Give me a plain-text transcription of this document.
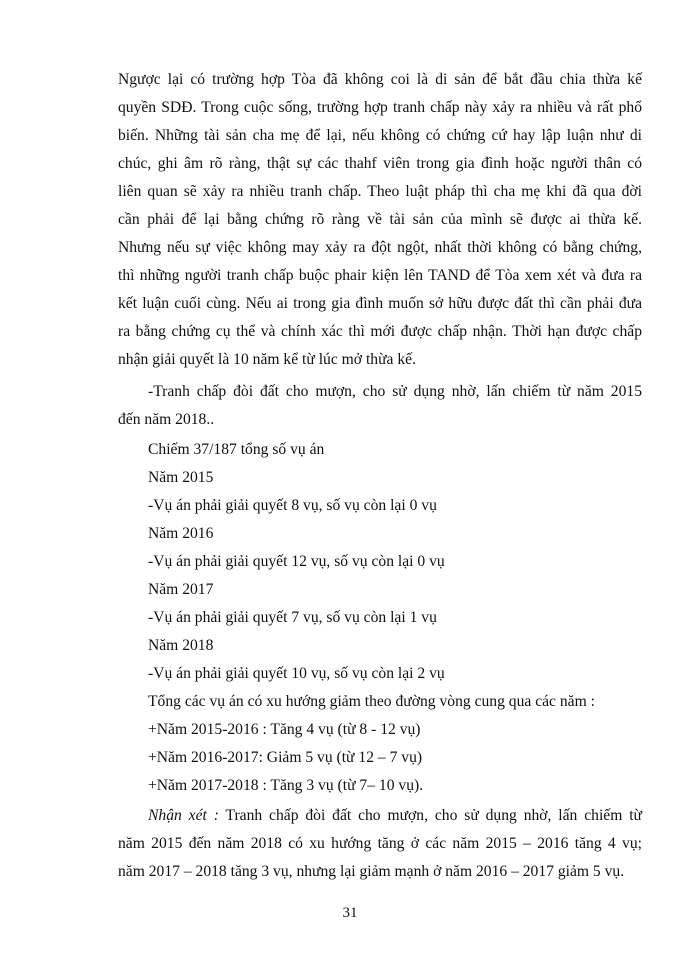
Ngược lại có trường hợp Tòa đã không coi là di sản để bắt đầu chia thừa kế
quyền SDĐ. Trong cuộc sống, trường hợp tranh chấp này xảy ra nhiều và rất phổ
biến. Những tài sản cha mẹ để lại, nếu không có chứng cứ hay lập luận như di
chúc, ghi âm rõ ràng, thật sự các thahf viên trong gia đình hoặc người thân có
liên quan sẽ xảy ra nhiều tranh chấp. Theo luật pháp thì cha mẹ khi đã qua đời
cần phải để lại bằng chứng rõ ràng về tài sản của mình sẽ được ai thừa kế.
Nhưng nếu sự việc không may xảy ra đột ngột, nhất thời không có bằng chứng,
thì những người tranh chấp buộc phair kiện lên TAND để Tòa xem xét và đưa ra
kết luận cuối cùng. Nếu ai trong gia đình muốn sở hữu được đất thì cần phải đưa
ra bằng chứng cụ thể và chính xác thì mới được chấp nhận. Thời hạn được chấp
nhận giải quyết là 10 năm kể từ lúc mở thừa kế.
-Tranh chấp đòi đất cho mượn, cho sử dụng nhờ, lấn chiếm từ năm 2015
đến năm 2018..
Chiếm 37/187 tổng số vụ án
Năm 2015
-Vụ án phải giải quyết 8 vụ, số vụ còn lại 0 vụ
Năm 2016
-Vụ án phải giải quyết 12 vụ, số vụ còn lại 0 vụ
Năm 2017
-Vụ án phải giải quyết 7 vụ, số vụ còn lại 1 vụ
Năm 2018
-Vụ án phải giải quyết 10 vụ, số vụ còn lại 2 vụ
Tổng các vụ án có xu hướng giảm theo đường vòng cung qua các năm :
+Năm 2015-2016 : Tăng 4 vụ (từ 8 - 12 vụ)
+Năm 2016-2017: Giảm 5 vụ (từ 12 – 7 vụ)
+Năm 2017-2018 : Tăng 3 vụ (từ 7– 10 vụ).
Nhận xét : Tranh chấp đòi đất cho mượn, cho sử dụng nhờ, lấn chiếm từ
năm 2015 đến năm 2018 có xu hướng tăng ở các năm 2015 – 2016 tăng 4 vụ;
năm 2017 – 2018 tăng 3 vụ, nhưng lại giảm mạnh ở năm 2016 – 2017 giảm 5 vụ.
31
